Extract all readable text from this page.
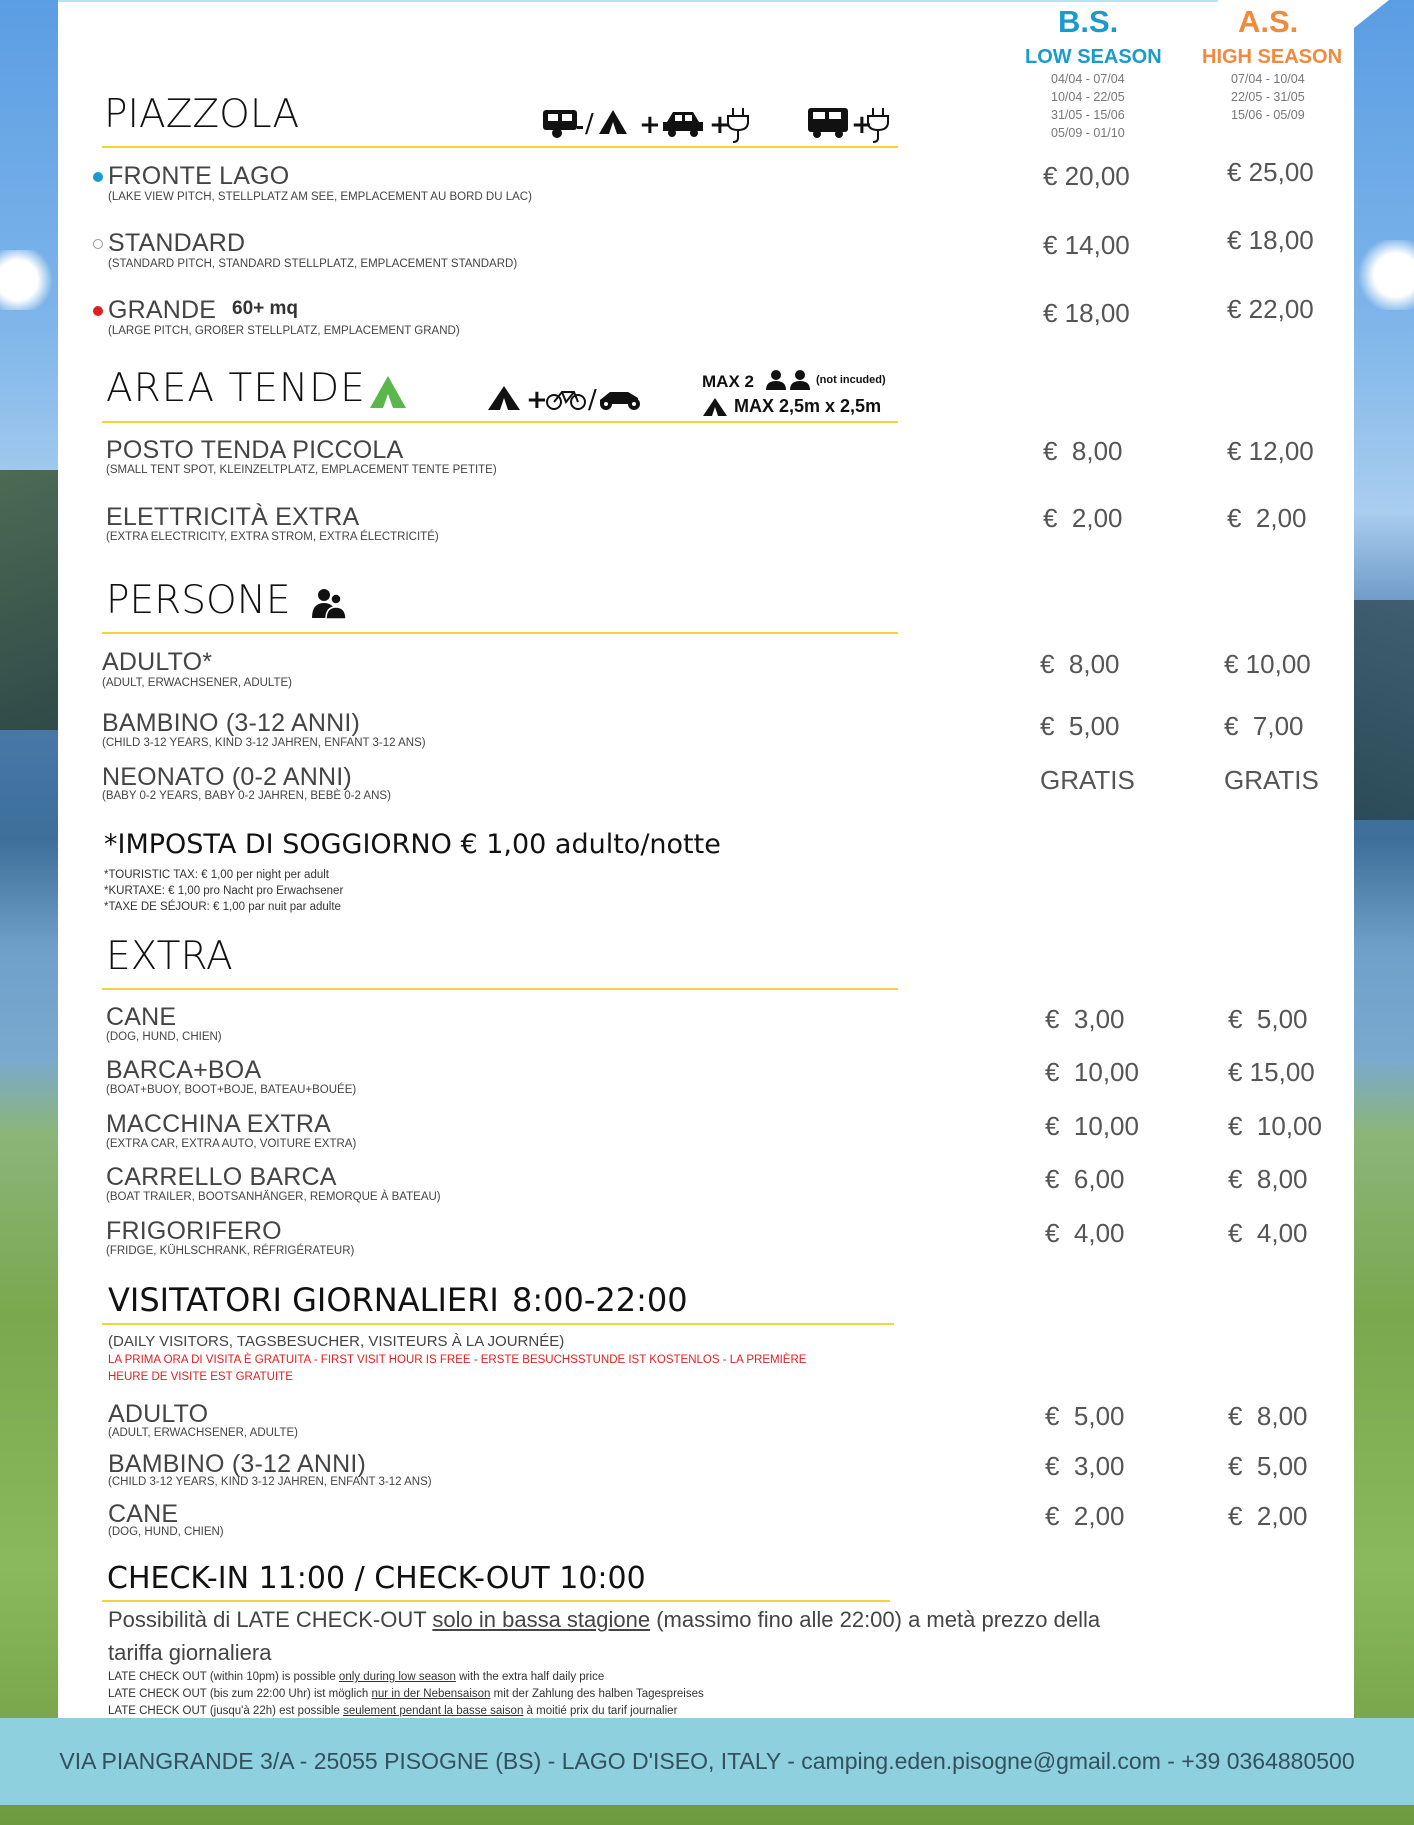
B.S.
LOW SEASON
04/04 - 07/04
10/04 - 22/05
31/05 - 15/06
05/09 - 01/10
A.S.
HIGH SEASON
07/04 - 10/04
22/05 - 31/05
15/06 - 05/09
PIAZZOLA	/ + +	+
FRONTE LAGO
(LAKE VIEW PITCH, STELLPLATZ AM SEE, EMPLACEMENT AU BORD DU LAC)
€ 20,00	€ 25,00
STANDARD
(STANDARD PITCH, STANDARD STELLPLATZ, EMPLACEMENT STANDARD)
€ 14,00	€ 18,00
GRANDE 60+ mq
(LARGE PITCH, GROßER STELLPLATZ, EMPLACEMENT GRAND)
€ 18,00	€ 22,00
AREA TENDE	+ /
MAX 2	(not incuded)
MAX 2,5m x 2,5m
POSTO TENDA PICCOLA
(SMALL TENT SPOT, KLEINZELTPLATZ, EMPLACEMENT TENTE PETITE)
€  8,00	€ 12,00
ELETTRICITÀ EXTRA
(EXTRA ELECTRICITY, EXTRA STROM, EXTRA ÉLECTRICITÉ)
€  2,00	€  2,00
PERSONE
ADULTO*
(ADULT, ERWACHSENER, ADULTE)
€  8,00	€ 10,00
BAMBINO (3-12 ANNI)
(CHILD 3-12 YEARS, KIND 3-12 JAHREN, ENFANT 3-12 ANS)
€  5,00	€  7,00
NEONATO (0-2 ANNI)
(BABY 0-2 YEARS, BABY 0-2 JAHREN, BEBÈ 0-2 ANS)
GRATIS	GRATIS
*IMPOSTA DI SOGGIORNO € 1,00 adulto/notte
*TOURISTIC TAX: € 1,00 per night per adult
*KURTAXE: € 1,00 pro Nacht pro Erwachsener
*TAXE DE SÉJOUR: € 1,00 par nuit par adulte
EXTRA
CANE
(DOG, HUND, CHIEN)
€  3,00	€  5,00
BARCA+BOA
(BOAT+BUOY, BOOT+BOJE, BATEAU+BOUÉE)
€  10,00	€ 15,00
MACCHINA EXTRA
(EXTRA CAR, EXTRA AUTO, VOITURE EXTRA)
€  10,00	€  10,00
CARRELLO BARCA
(BOAT TRAILER, BOOTSANHÄNGER, REMORQUE À BATEAU)
€  6,00	€  8,00
FRIGORIFERO
(FRIDGE, KÜHLSCHRANK, RÉFRIGÉRATEUR)
€  4,00	€  4,00
VISITATORI GIORNALIERI 8:00-22:00
(DAILY VISITORS, TAGSBESUCHER, VISITEURS À LA JOURNÉE)
LA PRIMA ORA DI VISITA È GRATUITA - FIRST VISIT HOUR IS FREE - ERSTE BESUCHSSTUNDE IST KOSTENLOS - LA PREMIÈRE
HEURE DE VISITE EST GRATUITE
ADULTO
(ADULT, ERWACHSENER, ADULTE)
€  5,00	€  8,00
BAMBINO (3-12 ANNI)
(CHILD 3-12 YEARS, KIND 3-12 JAHREN, ENFANT 3-12 ANS)
€  3,00	€  5,00
CANE
(DOG, HUND, CHIEN)
€  2,00	€  2,00
CHECK-IN 11:00 / CHECK-OUT 10:00
Possibilità di LATE CHECK-OUT solo in bassa stagione (massimo fino alle 22:00) a metà prezzo della
tariffa giornaliera
LATE CHECK OUT (within 10pm) is possible only during low season with the extra half daily price
LATE CHECK OUT (bis zum 22:00 Uhr) ist möglich nur in der Nebensaison mit der Zahlung des halben Tagespreises
LATE CHECK OUT (jusqu'à 22h) est possible seulement pendant la basse saison à moitié prix du tarif journalier
VIA PIANGRANDE 3/A - 25055 PISOGNE (BS) - LAGO D'ISEO, ITALY - camping.eden.pisogne@gmail.com - +39 0364880500
